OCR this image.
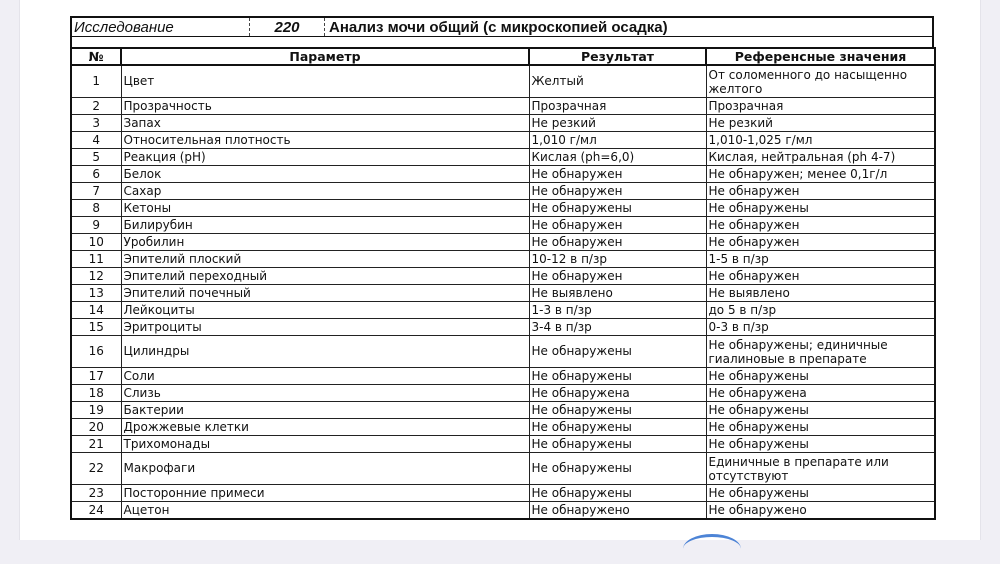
Исследование	220	Анализ мочи общий (с микроскопией осадка)
№	Параметр	Результат	Референсные значения
1	Цвет	Желтый	От соломенного до насыщенно желтого
2	Прозрачность	Прозрачная	Прозрачная
3	Запах	Не резкий	Не резкий
4	Относительная плотность	1,010 г/мл	1,010-1,025 г/мл
5	Реакция (pH)	Кислая (ph=6,0)	Кислая, нейтральная (ph 4-7)
6	Белок	Не обнаружен	Не обнаружен; менее 0,1г/л
7	Сахар	Не обнаружен	Не обнаружен
8	Кетоны	Не обнаружены	Не обнаружены
9	Билирубин	Не обнаружен	Не обнаружен
10	Уробилин	Не обнаружен	Не обнаружен
11	Эпителий плоский	10-12 в п/зр	1-5 в п/зр
12	Эпителий переходный	Не обнаружен	Не обнаружен
13	Эпителий почечный	Не выявлено	Не выявлено
14	Лейкоциты	1-3 в п/зр	до 5 в п/зр
15	Эритроциты	3-4 в п/зр	0-3 в п/зр
16	Цилиндры	Не обнаружены	Не обнаружены; единичные гиалиновые в препарате
17	Соли	Не обнаружены	Не обнаружены
18	Слизь	Не обнаружена	Не обнаружена
19	Бактерии	Не обнаружены	Не обнаружены
20	Дрожжевые клетки	Не обнаружены	Не обнаружены
21	Трихомонады	Не обнаружены	Не обнаружены
22	Макрофаги	Не обнаружены	Единичные в препарате или отсутствуют
23	Посторонние примеси	Не обнаружены	Не обнаружены
24	Ацетон	Не обнаружено	Не обнаружено
